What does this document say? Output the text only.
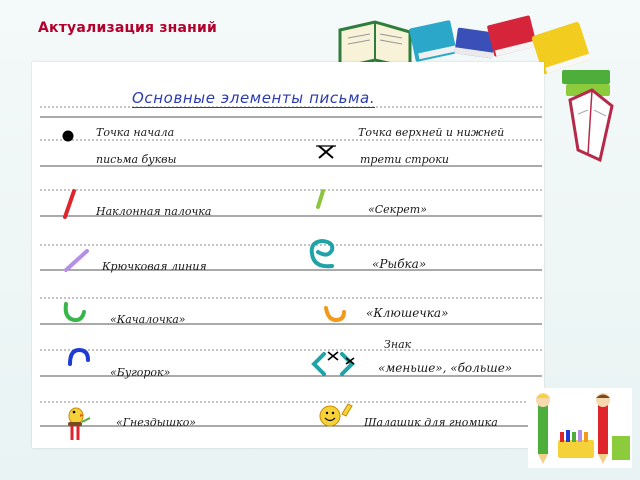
Актуализация знаний
Основные элементы письма.
Точка начала
письма буквы
Наклонная палочка
Крючковая линия
«Качалочка»
«Бугорок»
«Гнездышко»
Точка верхней и нижней
трети строки
«Секрет»
«Рыбка»
«Клюшечка»
Знак
«меньше», «больше»
Шалашик для гномика
